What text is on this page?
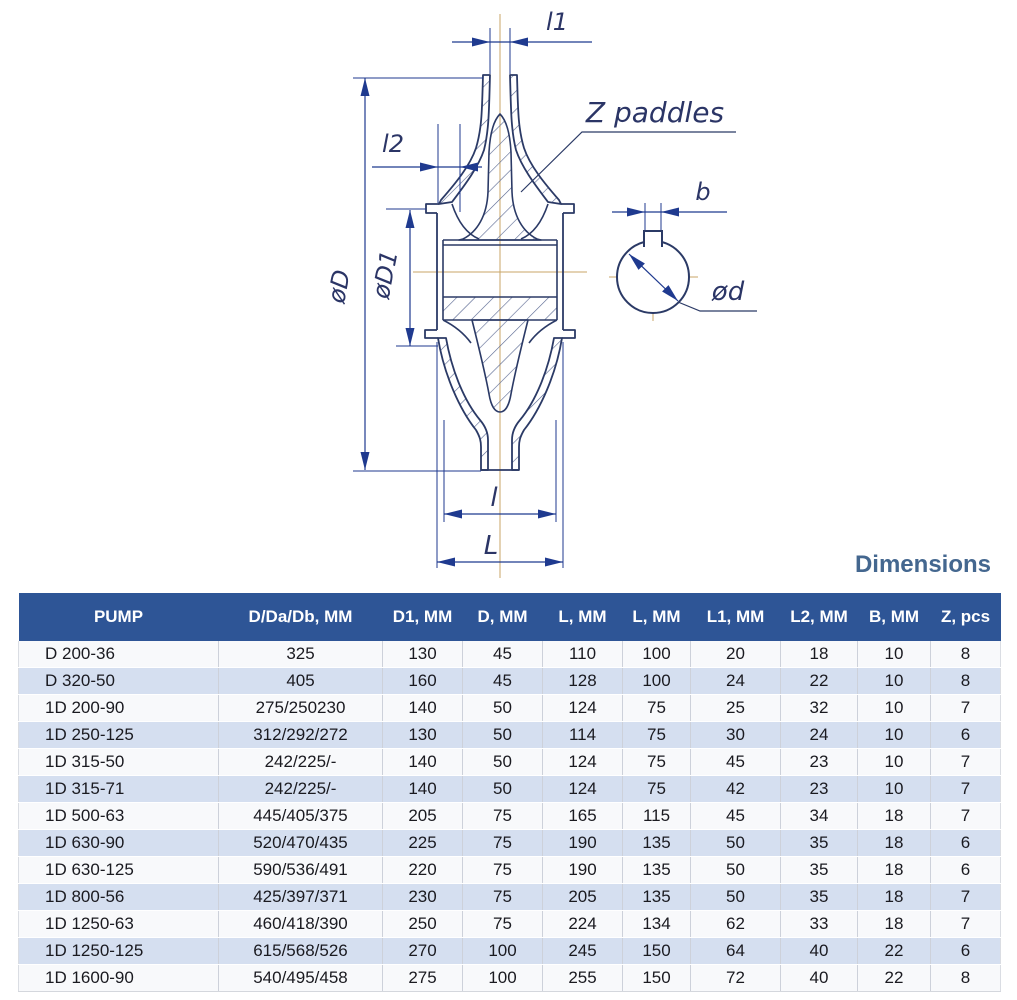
l1
l2
Z paddles
øD øD1
b
ød
l
L
Dimensions
PUMP	D/Da/Db, MM	D1, MM	D, MM	L, MM	L, MM	L1, MM	L2, MM	B, MM	Z, pcs
D 200-36	325	130	45	110	100	20	18	10	8
D 320-50	405	160	45	128	100	24	22	10	8
1D 200-90	275/250230	140	50	124	75	25	32	10	7
1D 250-125	312/292/272	130	50	114	75	30	24	10	6
1D 315-50	242/225/-	140	50	124	75	45	23	10	7
1D 315-71	242/225/-	140	50	124	75	42	23	10	7
1D 500-63	445/405/375	205	75	165	115	45	34	18	7
1D 630-90	520/470/435	225	75	190	135	50	35	18	6
1D 630-125	590/536/491	220	75	190	135	50	35	18	6
1D 800-56	425/397/371	230	75	205	135	50	35	18	7
1D 1250-63	460/418/390	250	75	224	134	62	33	18	7
1D 1250-125	615/568/526	270	100	245	150	64	40	22	6
1D 1600-90	540/495/458	275	100	255	150	72	40	22	8
